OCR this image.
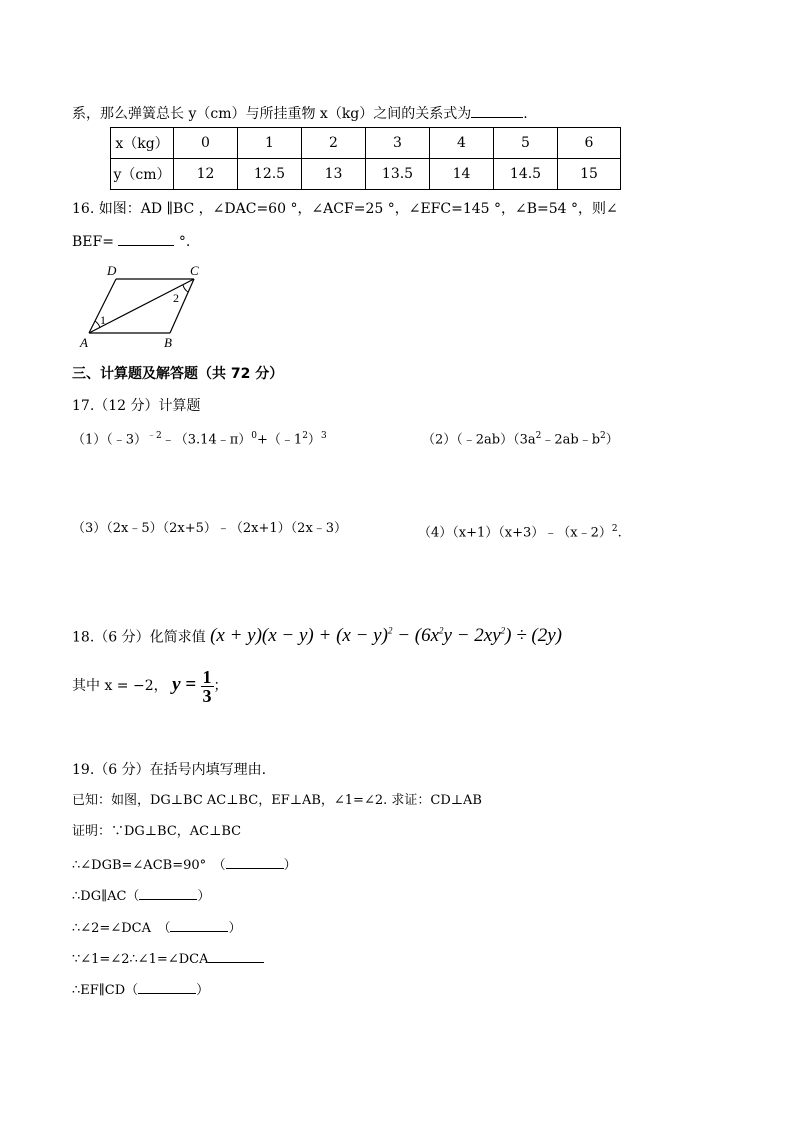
系，那么弹簧总长 y（cm）与所挂重物 x（kg）之间的关系式为	.
x（kg）	0	1	2	3	4	5	6
y（cm）	12	12.5	13	13.5	14	14.5	15
16. 如图：AD ∥BC ，∠DAC=60 °，∠ACF=25 °，∠EFC=145 °，∠B=54 °，则∠
BEF=	°.
D	C
A	B
1
2
三、计算题及解答题（共 72 分）
17.（12 分）计算题
$(1)(﹣3)^{﹣2}﹣(3.14﹣\pi)^0+(﹣1^2)^3$	$(2)(﹣2ab)(3a^2﹣2ab﹣b^2)$
（3）（2x﹣5）（2x+5）﹣（2x+1）（2x﹣3）	（4）（x+1）（x+3）﹣（x﹣2）$^2$.
18.（6 分）化简求值 $(x + y)(x - y) + (x - y)^2 - (6x^2y - 2xy^2) \div (2y)$
其中 x = −2， $y = \frac{1}{3}$ ；
19.（6 分）在括号内填写理由.
已知：如图，DG⊥BC AC⊥BC，EF⊥AB，∠1=∠2. 求证：CD⊥AB
证明：∵DG⊥BC，AC⊥BC
∴∠DGB=∠ACB=90°　（	）
∴DG∥AC（	）
∴∠2=∠DCA　（	）
∵∠1=∠2∴∠1=∠DCA
∴EF∥CD（	）
